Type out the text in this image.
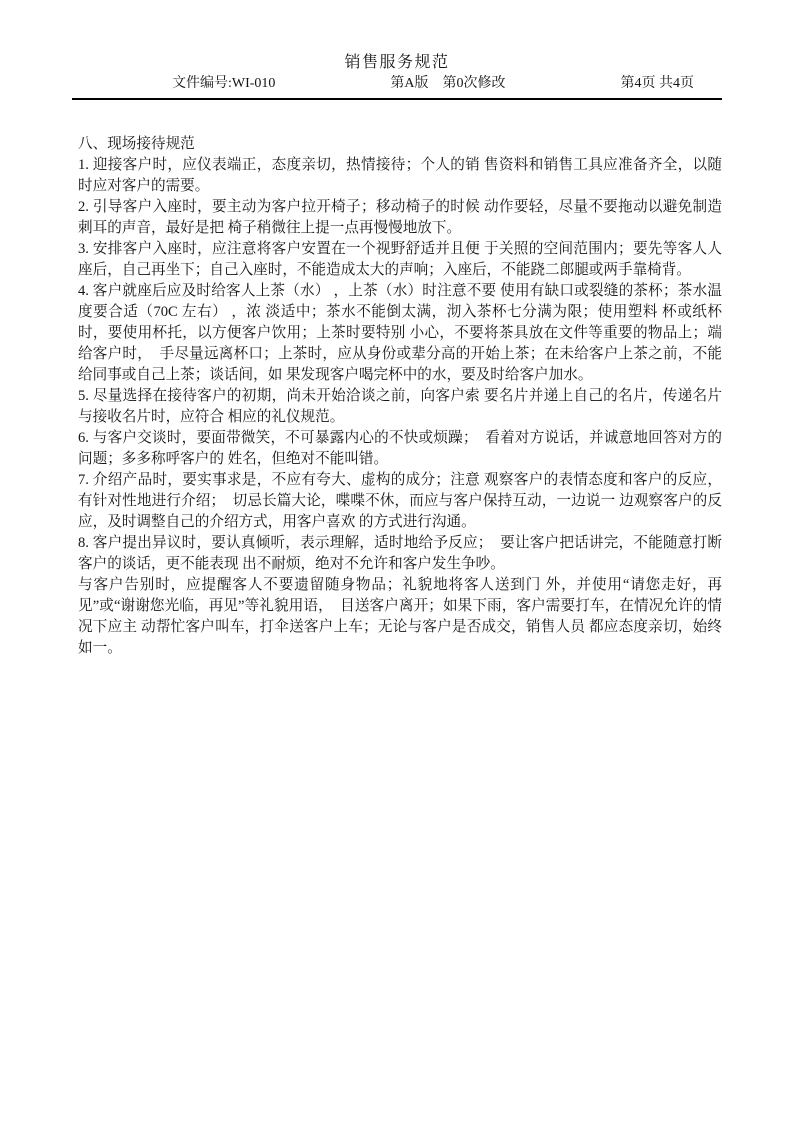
销售服务规范
文件编号:WI-010	第A版　第0次修改	第4页 共4页

八、现场接待规范

1. 迎接客户时，应仪表端正，态度亲切，热情接待；个人的销 售资料和销售工具应准备齐全，以随时应对客户的需要。

2. 引导客户入座时，要主动为客户拉开椅子；移动椅子的时候 动作要轻，尽量不要拖动以避免制造刺耳的声音，最好是把 椅子稍微往上提一点再慢慢地放下。

3. 安排客户入座时，应注意将客户安置在一个视野舒适并且便 于关照的空间范围内；要先等客人人座后，自己再坐下；自己入座时，不能造成太大的声响；入座后，不能跷二郎腿或两手靠椅背。

4. 客户就座后应及时给客人上茶（水） ，上茶（水）时注意不要 使用有缺口或裂缝的茶杯；茶水温度要合适（70C 左右） ，浓 淡适中；茶水不能倒太满，沏入茶杯七分满为限；使用塑料 杯或纸杯时，要使用杯托，以方便客户饮用；上茶时要特别 小心，不要将茶具放在文件等重要的物品上；端给客户时，　手尽量远离杯口；上茶时，应从身份或辈分高的开始上茶；在未给客户上茶之前，不能给同事或自己上茶；谈话间，如 果发现客户喝完杯中的水，要及时给客户加水。

5. 尽量选择在接待客户的初期，尚未开始洽谈之前，向客户索 要名片并递上自己的名片，传递名片与接收名片时，应符合 相应的礼仪规范。

6. 与客户交谈时，要面带微笑，不可暴露内心的不快或烦躁；　看着对方说话，并诚意地回答对方的问题；多多称呼客户的 姓名，但绝对不能叫错。

7. 介绍产品时，要实事求是，不应有夸大、虚构的成分；注意 观察客户的表情态度和客户的反应，有针对性地进行介绍；　切忌长篇大论，喋喋不休，而应与客户保持互动，一边说一 边观察客户的反应，及时调整自己的介绍方式，用客户喜欢 的方式进行沟通。

8. 客户提出异议时，要认真倾听，表示理解，适时地给予反应；　要让客户把话讲完，不能随意打断客户的谈话，更不能表现 出不耐烦，绝对不允许和客户发生争吵。

与客户告别时，应提醒客人不要遗留随身物品；礼貌地将客人送到门 外，并使用“请您走好，再见”或“谢谢您光临，再见”等礼貌用语，　目送客户离开；如果下雨，客户需要打车，在情况允许的情况下应主 动帮忙客户叫车，打伞送客户上车；无论与客户是否成交，销售人员 都应态度亲切，始终如一。
